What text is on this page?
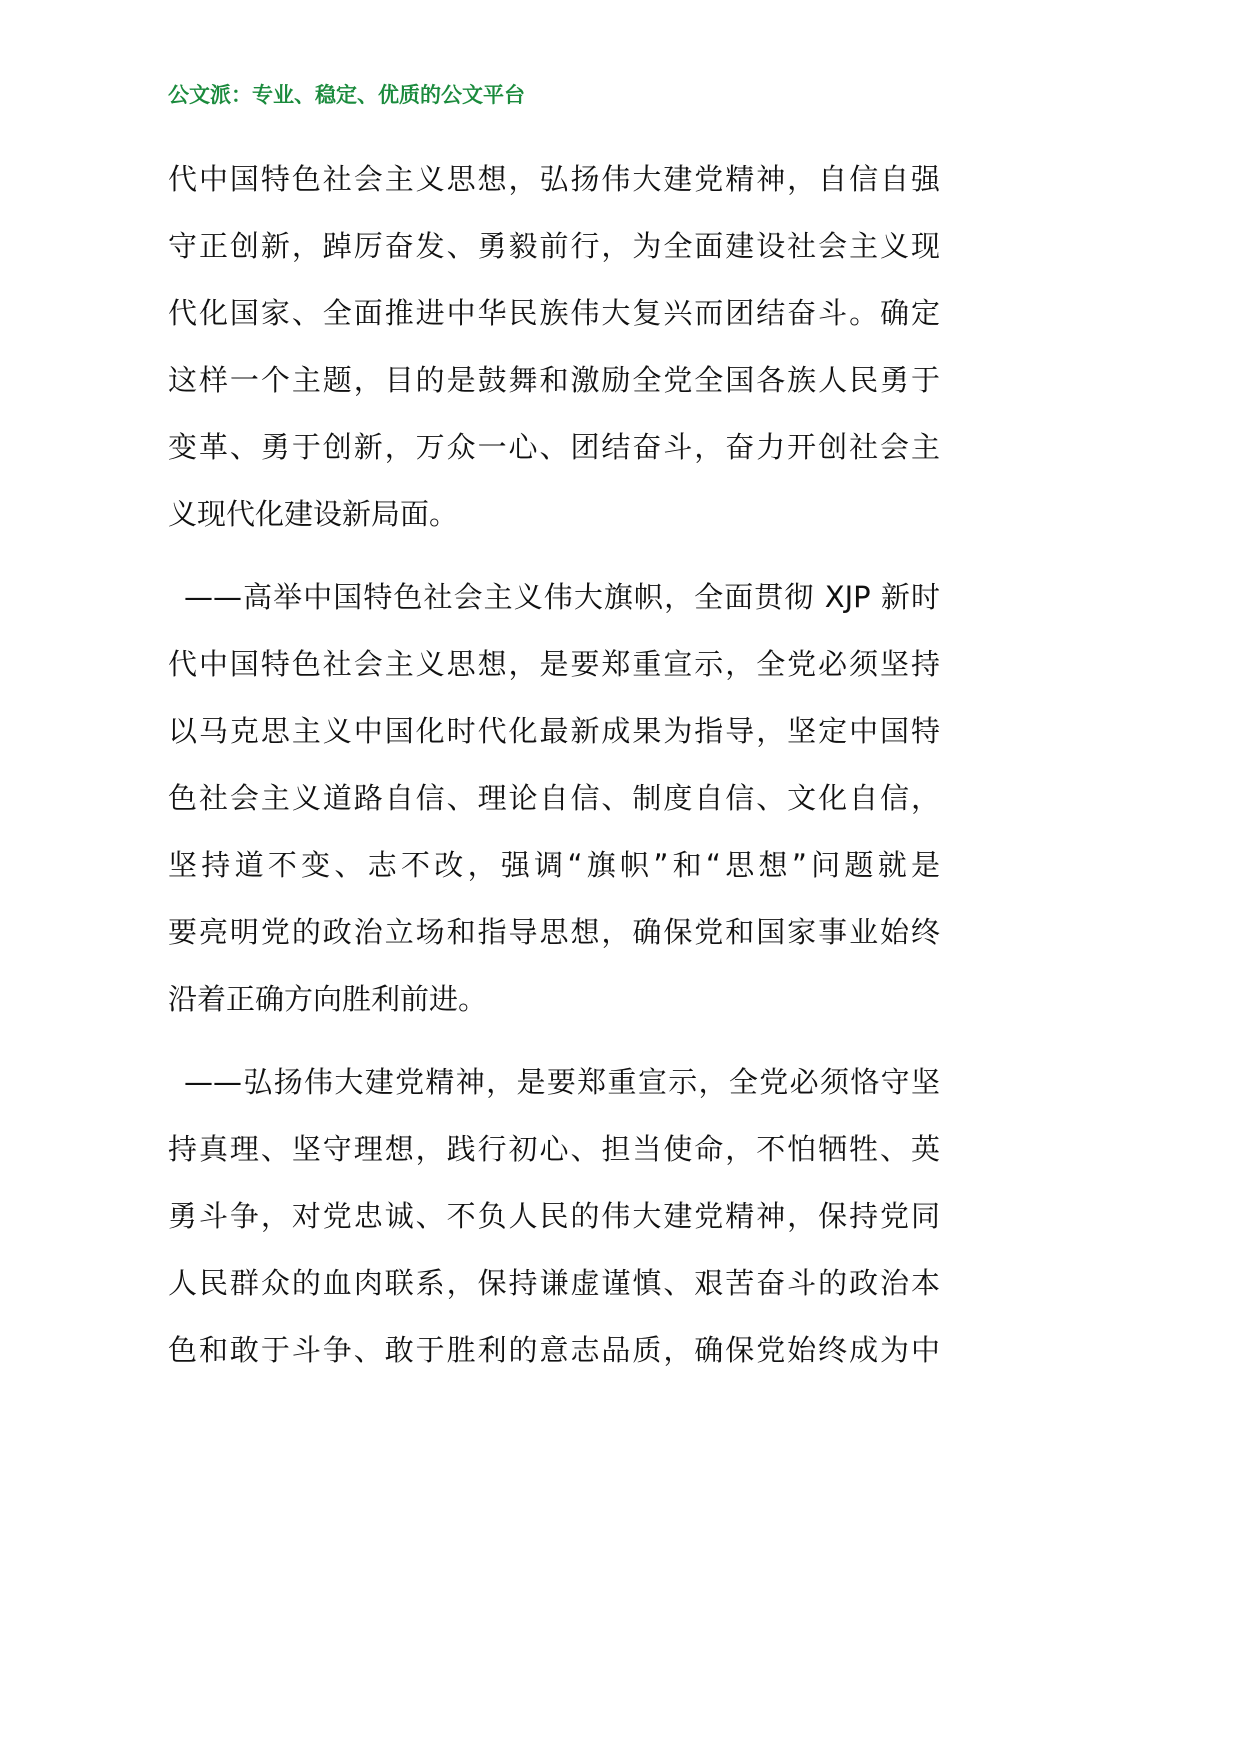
公文派：专业、稳定、优质的公文平台
代中国特色社会主义思想，弘扬伟大建党精神，自信自强
守正创新，踔厉奋发、勇毅前行，为全面建设社会主义现
代化国家、全面推进中华民族伟大复兴而团结奋斗。确定
这样一个主题，目的是鼓舞和激励全党全国各族人民勇于
变革、勇于创新，万众一心、团结奋斗，奋力开创社会主
义现代化建设新局面。
——高举中国特色社会主义伟大旗帜，全面贯彻 XJP 新时
代中国特色社会主义思想，是要郑重宣示，全党必须坚持
以马克思主义中国化时代化最新成果为指导，坚定中国特
色社会主义道路自信、理论自信、制度自信、文化自信，
坚持道不变、志不改，强调“旗帜”和“思想”问题就是
要亮明党的政治立场和指导思想，确保党和国家事业始终
沿着正确方向胜利前进。
——弘扬伟大建党精神，是要郑重宣示，全党必须恪守坚
持真理、坚守理想，践行初心、担当使命，不怕牺牲、英
勇斗争，对党忠诚、不负人民的伟大建党精神，保持党同
人民群众的血肉联系，保持谦虚谨慎、艰苦奋斗的政治本
色和敢于斗争、敢于胜利的意志品质，确保党始终成为中
